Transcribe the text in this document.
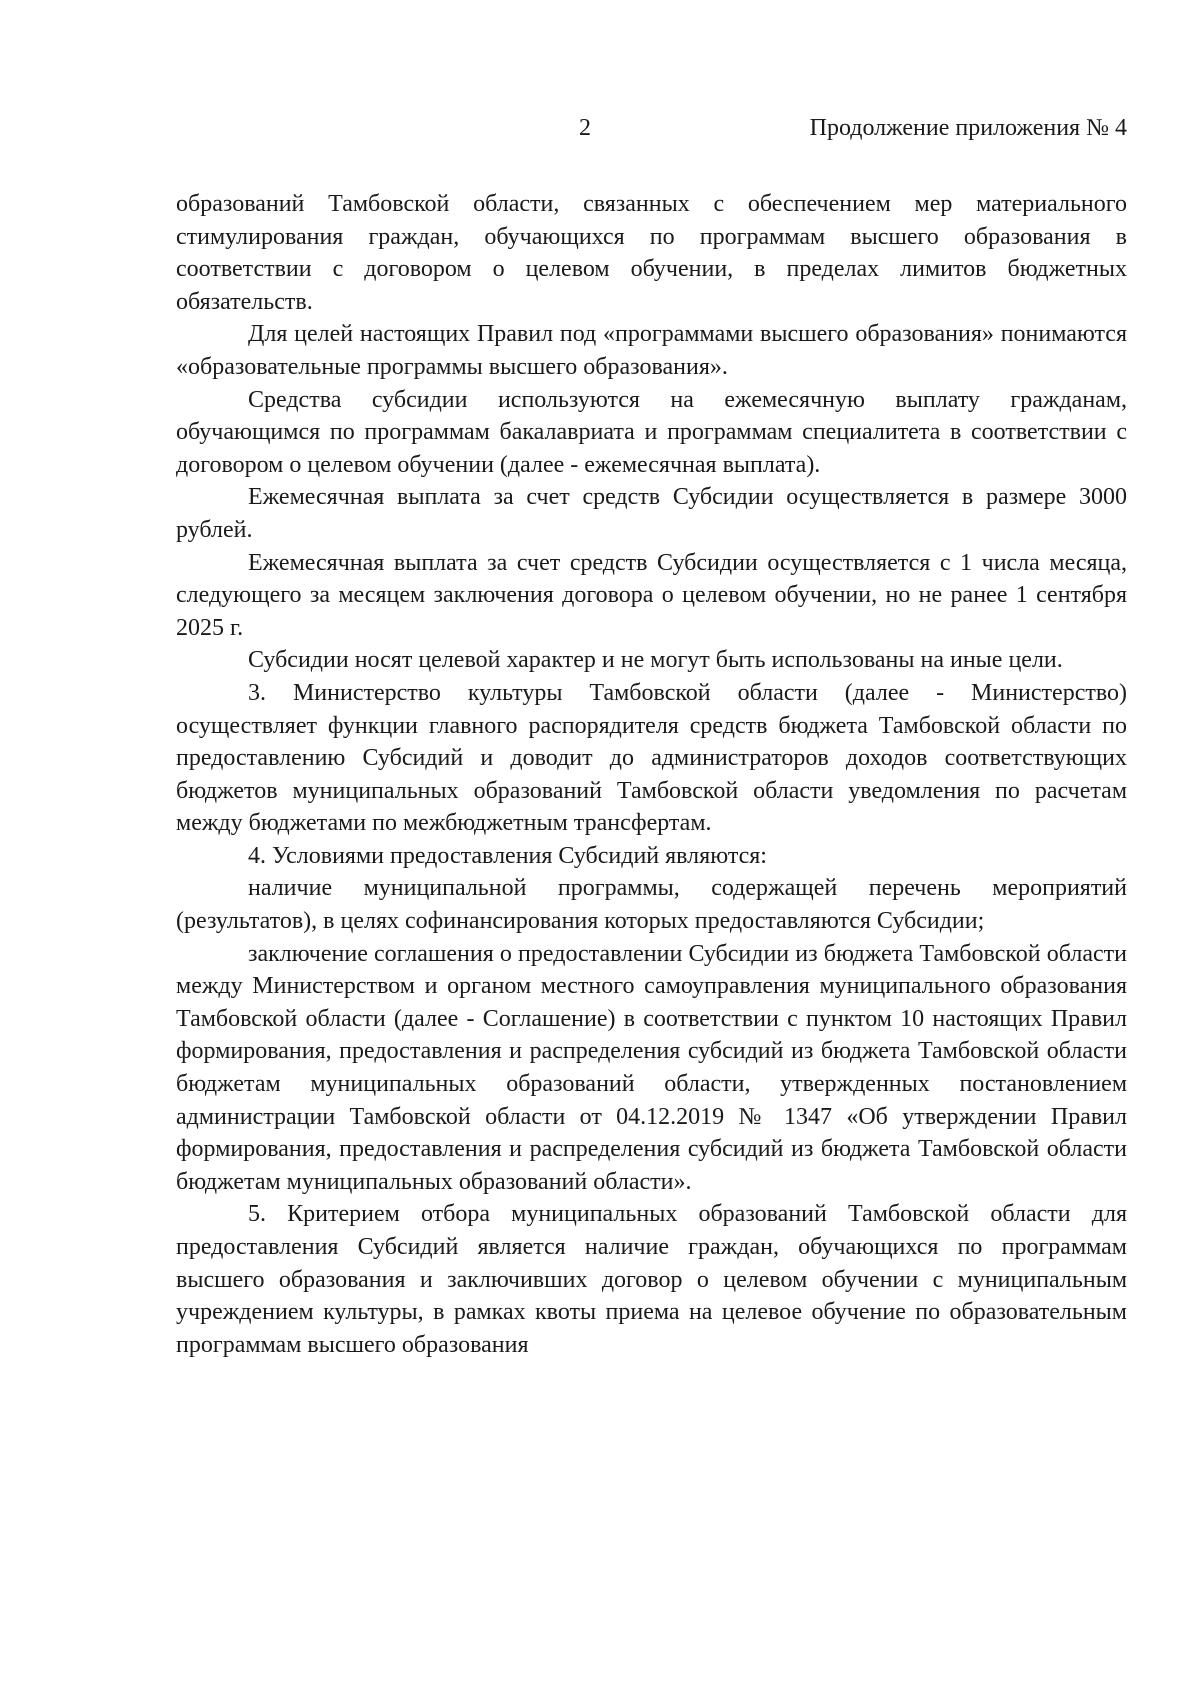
2	Продолжение приложения № 4

образований Тамбовской области, связанных с обеспечением мер материального стимулирования граждан, обучающихся по программам высшего образования в соответствии с договором о целевом обучении, в пределах лимитов бюджетных обязательств.

Для целей настоящих Правил под «программами высшего образования» понимаются «образовательные программы высшего образования».

Средства субсидии используются на ежемесячную выплату гражданам, обучающимся по программам бакалавриата и программам специалитета в соответствии с договором о целевом обучении (далее - ежемесячная выплата).

Ежемесячная выплата за счет средств Субсидии осуществляется в размере 3000 рублей.

Ежемесячная выплата за счет средств Субсидии осуществляется с 1 числа месяца, следующего за месяцем заключения договора о целевом обучении, но не ранее 1 сентября 2025 г.

Субсидии носят целевой характер и не могут быть использованы на иные цели.

3. Министерство культуры Тамбовской области (далее - Министерство) осуществляет функции главного распорядителя средств бюджета Тамбовской области по предоставлению Субсидий и доводит до администраторов доходов соответствующих бюджетов муниципальных образований Тамбовской области уведомления по расчетам между бюджетами по межбюджетным трансфертам.

4. Условиями предоставления Субсидий являются:

наличие муниципальной программы, содержащей перечень мероприятий (результатов), в целях софинансирования которых предоставляются Субсидии;

заключение соглашения о предоставлении Субсидии из бюджета Тамбовской области между Министерством и органом местного самоуправления муниципального образования Тамбовской области (далее - Соглашение) в соответствии с пунктом 10 настоящих Правил формирования, предоставления и распределения субсидий из бюджета Тамбовской области бюджетам муниципальных образований области, утвержденных постановлением администрации Тамбовской области от 04.12.2019 № 1347 «Об утверждении Правил формирования, предоставления и распределения субсидий из бюджета Тамбовской области бюджетам муниципальных образований области».

5. Критерием отбора муниципальных образований Тамбовской области для предоставления Субсидий является наличие граждан, обучающихся по программам высшего образования и заключивших договор о целевом обучении с муниципальным учреждением культуры, в рамках квоты приема на целевое обучение по образовательным программам высшего образования
